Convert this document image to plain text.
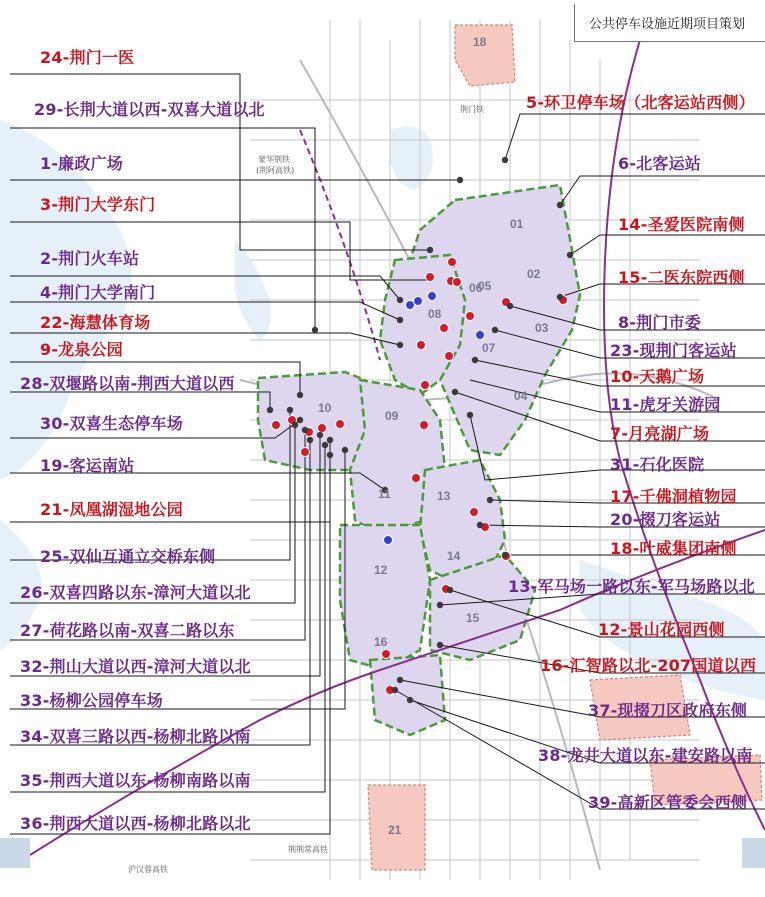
01
02
03
04
05
06
07
08
09
10
11
12
13
14
15
16
18
21
荆门铁
蒙华荆铁
(荆阿高铁)
荆荆常高铁
沪汉蓉高铁
公共停车设施近期项目策划
24-荆门一医
29-长荆大道以西-双喜大道以北
1-廉政广场
3-荆门大学东门
2-荆门火车站
4-荆门大学南门
22-海慧体育场
9-龙泉公园
28-双堰路以南-荆西大道以西
30-双喜生态停车场
19-客运南站
21-凤凰湖湿地公园
25-双仙互通立交桥东侧
26-双喜四路以东-漳河大道以北
27-荷花路以南-双喜二路以东
32-荆山大道以西-漳河大道以北
33-杨柳公园停车场
34-双喜三路以西-杨柳北路以南
35-荆西大道以东-杨柳南路以南
36-荆西大道以西-杨柳北路以北
5-环卫停车场（北客运站西侧）
6-北客运站
14-圣爱医院南侧
15-二医东院西侧
8-荆门市委
23-现荆门客运站
10-天鹅广场
11-虎牙关游园
7-月亮湖广场
31-石化医院
17-千佛洞植物园
20-掇刀客运站
18-叶威集团南侧
13-军马场一路以东-军马场路以北
12-景山花园西侧
16-汇智路以北-207国道以西
37-现掇刀区政府东侧
38-龙井大道以东-建安路以南
39-高新区管委会西侧
